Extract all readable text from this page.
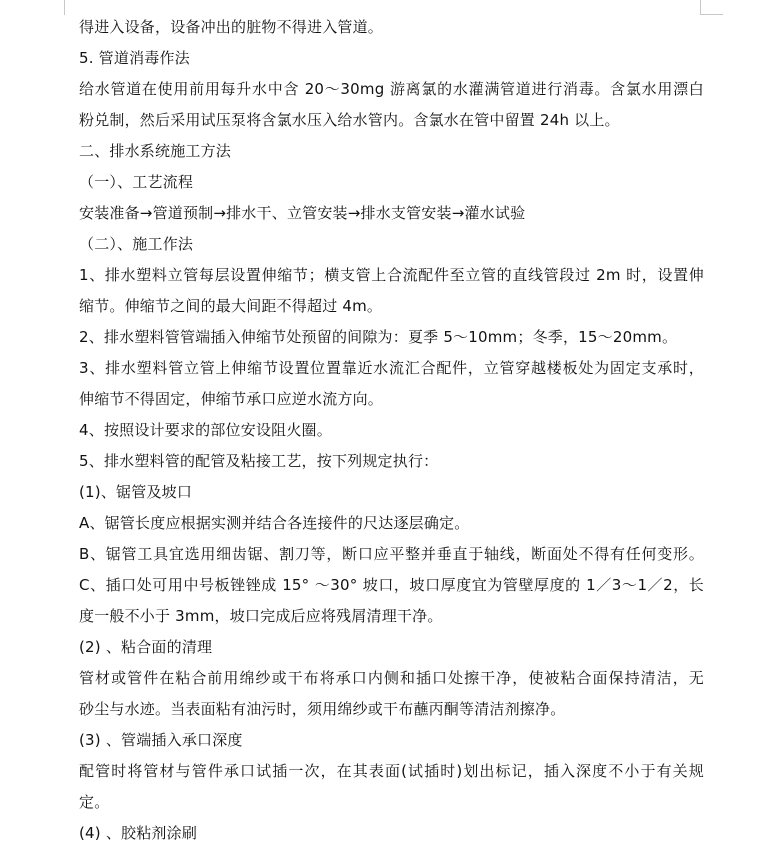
得进入设备，设备冲出的脏物不得进入管道。
5. 管道消毒作法
给水管道在使用前用每升水中含 20～30mg 游离氯的水灌满管道进行消毒。含氯水用漂白
粉兑制，然后采用试压泵将含氯水压入给水管内。含氯水在管中留置 24h 以上。
二、排水系统施工方法
（一）、工艺流程
安装准备→管道预制→排水干、立管安装→排水支管安装→灌水试验
（二）、施工作法
1、排水塑料立管每层设置伸缩节；横支管上合流配件至立管的直线管段过 2m 时，设置伸
缩节。伸缩节之间的最大间距不得超过 4m。
2、排水塑料管管端插入伸缩节处预留的间隙为：夏季 5～10mm；冬季，15～20mm。
3、排水塑料管立管上伸缩节设置位置靠近水流汇合配件，立管穿越楼板处为固定支承时，
伸缩节不得固定，伸缩节承口应逆水流方向。
4、按照设计要求的部位安设阻火圈。
5、排水塑料管的配管及粘接工艺，按下列规定执行：
(1)、锯管及坡口
A、锯管长度应根据实测并结合各连接件的尺达逐层确定。
B、锯管工具宜选用细齿锯、割刀等，断口应平整并垂直于轴线，断面处不得有任何变形。
C、插口处可用中号板锉锉成 15° ～30° 坡口，坡口厚度宜为管壁厚度的 1／3～1／2，长
度一般不小于 3mm，坡口完成后应将残屑清理干净。
(2) 、粘合面的清理
管材或管件在粘合前用绵纱或干布将承口内侧和插口处擦干净，使被粘合面保持清洁，无
砂尘与水迹。当表面粘有油污时，须用绵纱或干布蘸丙酮等清洁剂擦净。
(3) 、管端插入承口深度
配管时将管材与管件承口试插一次，在其表面(试插时)划出标记，插入深度不小于有关规
定。
(4) 、胶粘剂涂刷
